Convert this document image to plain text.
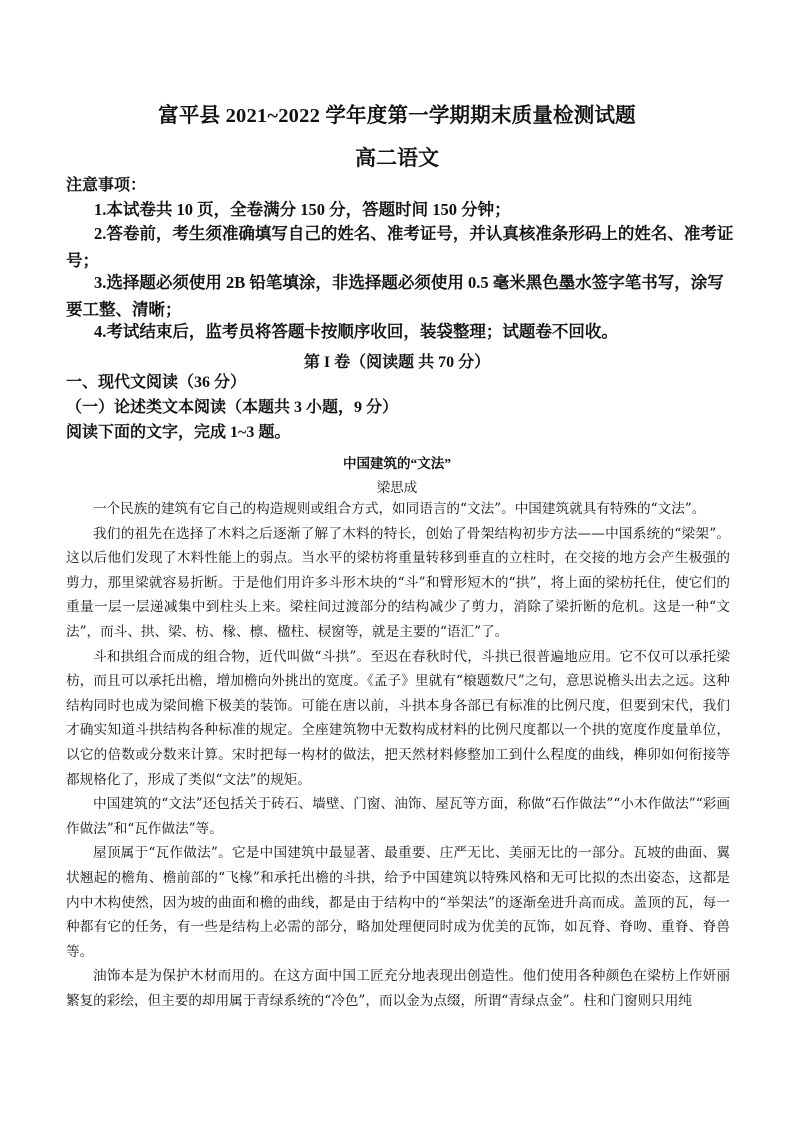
富平县 2021~2022 学年度第一学期期末质量检测试题
高二语文
注意事项：
1.本试卷共 10 页，全卷满分 150 分，答题时间 150 分钟；
2.答卷前，考生须准确填写自己的姓名、准考证号，并认真核准条形码上的姓名、准考证号；
3.选择题必须使用 2B 铅笔填涂，非选择题必须使用 0.5 毫米黑色墨水签字笔书写，涂写要工整、清晰；
4.考试结束后，监考员将答题卡按顺序收回，装袋整理；试题卷不回收。
第 I 卷（阅读题 共 70 分）
一、现代文阅读（36 分）
（一）论述类文本阅读（本题共 3 小题，9 分）
阅读下面的文字，完成 1~3 题。
中国建筑的“文法”
梁思成

一个民族的建筑有它自己的构造规则或组合方式，如同语言的“文法”。中国建筑就具有特殊的“文法”。

我们的祖先在选择了木料之后逐渐了解了木料的特长，创始了骨架结构初步方法——中国系统的“梁架”。这以后他们发现了木料性能上的弱点。当水平的梁枋将重量转移到垂直的立柱时，在交接的地方会产生极强的剪力，那里梁就容易折断。于是他们用许多斗形木块的“斗”和臂形短木的“拱”，将上面的梁枋托住，使它们的重量一层一层递减集中到柱头上来。梁柱间过渡部分的结构减少了剪力，消除了梁折断的危机。这是一种“文法”，而斗、拱、梁、枋、椽、檩、楹柱、棂窗等，就是主要的“语汇”了。

斗和拱组合而成的组合物，近代叫做“斗拱”。至迟在春秋时代，斗拱已很普遍地应用。它不仅可以承托梁枋，而且可以承托出檐，增加檐向外挑出的宽度。《孟子》里就有“榱题数尺”之句，意思说檐头出去之远。这种结构同时也成为梁间檐下极美的装饰。可能在唐以前，斗拱本身各部已有标准的比例尺度，但要到宋代，我们才确实知道斗拱结构各种标准的规定。全座建筑物中无数构成材料的比例尺度都以一个拱的宽度作度量单位，以它的倍数或分数来计算。宋时把每一构材的做法，把天然材料修整加工到什么程度的曲线，榫卯如何衔接等都规格化了，形成了类似“文法”的规矩。

中国建筑的“文法”还包括关于砖石、墙壁、门窗、油饰、屋瓦等方面，称做“石作做法”“小木作做法”“彩画作做法”和“瓦作做法”等。

屋顶属于“瓦作做法”。它是中国建筑中最显著、最重要、庄严无比、美丽无比的一部分。瓦坡的曲面、翼状翘起的檐角、檐前部的“飞椽”和承托出檐的斗拱，给予中国建筑以特殊风格和无可比拟的杰出姿态，这都是内中木构使然，因为坡的曲面和檐的曲线，都是由于结构中的“举架法”的逐渐垒进升高而成。盖顶的瓦，每一种都有它的任务，有一些是结构上必需的部分，略加处理便同时成为优美的瓦饰，如瓦脊、脊吻、重脊、脊兽等。

油饰本是为保护木材而用的。在这方面中国工匠充分地表现出创造性。他们使用各种颜色在梁枋上作妍丽繁复的彩绘，但主要的却用属于青绿系统的“冷色”，而以金为点缀，所谓“青绿点金”。柱和门窗则只用纯
